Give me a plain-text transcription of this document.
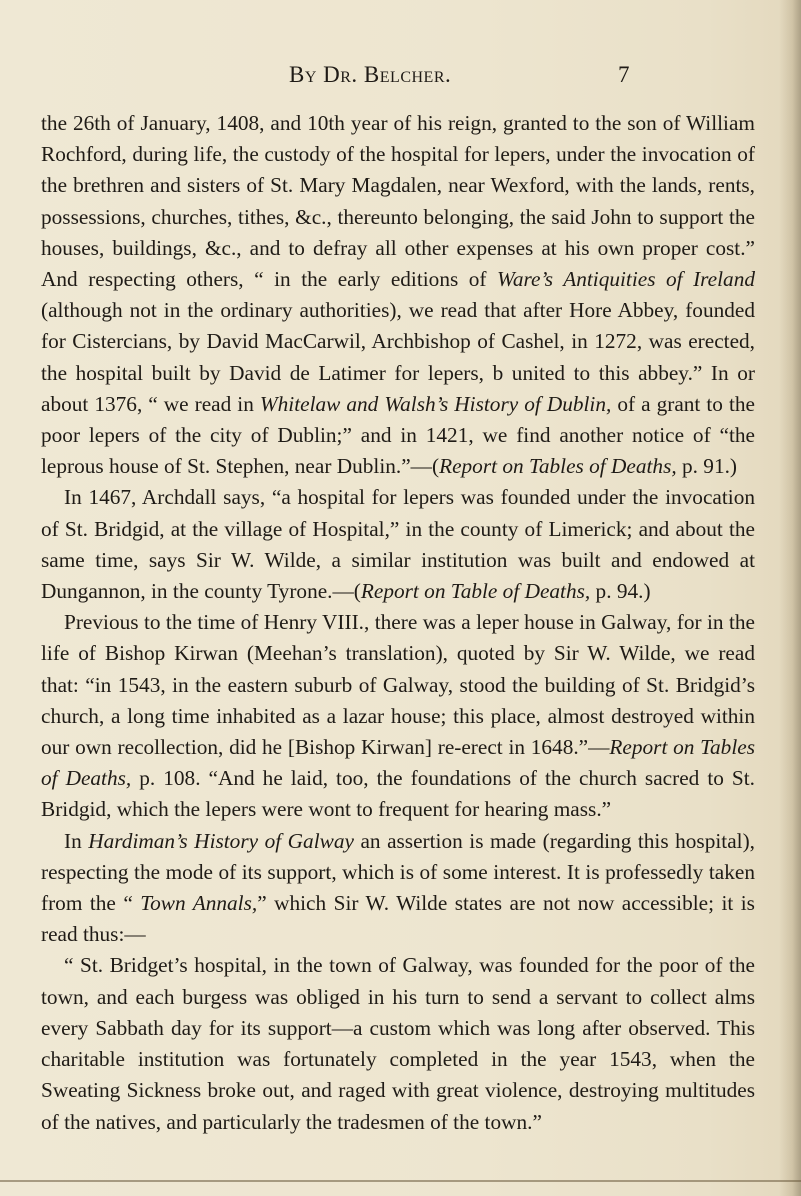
By Dr. Belcher.	7

the 26th of January, 1408, and 10th year of his reign, granted to the son of William Rochford, during life, the custody of the hospital for lepers, under the invocation of the brethren and sisters of St. Mary Magdalen, near Wexford, with the lands, rents, possessions, churches, tithes, &c., thereunto belonging, the said John to support the houses, buildings, &c., and to defray all other expenses at his own proper cost.” And respecting others, “ in the early editions of Ware’s Antiquities of Ireland (although not in the ordinary authorities), we read that after Hore Abbey, founded for Cistercians, by David MacCarwil, Archbishop of Cashel, in 1272, was erected, the hospital built by David de Latimer for lepers, b united to this abbey.” In or about 1376, “ we read in Whitelaw and Walsh’s History of Dublin, of a grant to the poor lepers of the city of Dublin;” and in 1421, we find another notice of “the leprous house of St. Stephen, near Dublin.”—(Report on Tables of Deaths, p. 91.)

In 1467, Archdall says, “a hospital for lepers was founded under the invocation of St. Bridgid, at the village of Hospital,” in the county of Limerick; and about the same time, says Sir W. Wilde, a similar institution was built and endowed at Dungannon, in the county Tyrone.—(Report on Table of Deaths, p. 94.)

Previous to the time of Henry VIII., there was a leper house in Galway, for in the life of Bishop Kirwan (Meehan’s translation), quoted by Sir W. Wilde, we read that: “in 1543, in the eastern suburb of Galway, stood the building of St. Bridgid’s church, a long time inhabited as a lazar house; this place, almost destroyed within our own recollection, did he [Bishop Kirwan] re-erect in 1648.”—Report on Tables of Deaths, p. 108. “And he laid, too, the foundations of the church sacred to St. Bridgid, which the lepers were wont to frequent for hearing mass.”

In Hardiman’s History of Galway an assertion is made (regarding this hospital), respecting the mode of its support, which is of some interest. It is professedly taken from the “ Town Annals,” which Sir W. Wilde states are not now accessible; it is read thus:—

“ St. Bridget’s hospital, in the town of Galway, was founded for the poor of the town, and each burgess was obliged in his turn to send a servant to collect alms every Sabbath day for its support—a custom which was long after observed. This charitable institution was fortunately completed in the year 1543, when the Sweating Sickness broke out, and raged with great violence, destroying multitudes of the natives, and particularly the tradesmen of the town.”
